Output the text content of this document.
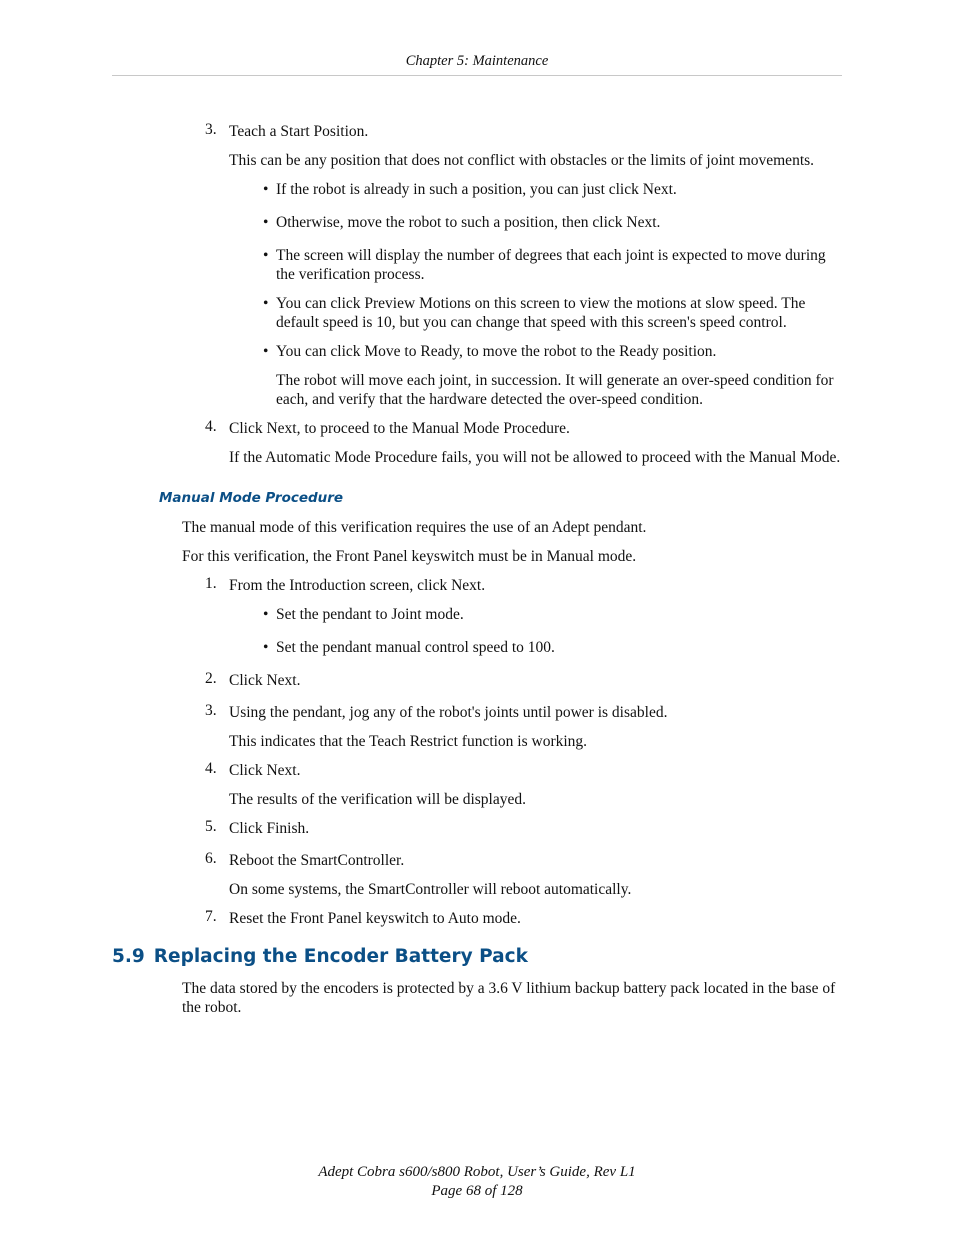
Chapter 5: Maintenance
3. Teach a Start Position.
This can be any position that does not conflict with obstacles or the limits of joint movements.
• If the robot is already in such a position, you can just click Next.
• Otherwise, move the robot to such a position, then click Next.
• The screen will display the number of degrees that each joint is expected to move during the verification process.
• You can click Preview Motions on this screen to view the motions at slow speed. The default speed is 10, but you can change that speed with this screen's speed control.
• You can click Move to Ready, to move the robot to the Ready position.
The robot will move each joint, in succession. It will generate an over-speed condition for each, and verify that the hardware detected the over-speed condition.
4. Click Next, to proceed to the Manual Mode Procedure.
If the Automatic Mode Procedure fails, you will not be allowed to proceed with the Manual Mode.
Manual Mode Procedure
The manual mode of this verification requires the use of an Adept pendant.
For this verification, the Front Panel keyswitch must be in Manual mode.
1. From the Introduction screen, click Next.
• Set the pendant to Joint mode.
• Set the pendant manual control speed to 100.
2. Click Next.
3. Using the pendant, jog any of the robot's joints until power is disabled.
This indicates that the Teach Restrict function is working.
4. Click Next.
The results of the verification will be displayed.
5. Click Finish.
6. Reboot the SmartController.
On some systems, the SmartController will reboot automatically.
7. Reset the Front Panel keyswitch to Auto mode.
5.9 Replacing the Encoder Battery Pack
The data stored by the encoders is protected by a 3.6 V lithium backup battery pack located in the base of the robot.
Adept Cobra s600/s800 Robot, User’s Guide, Rev L1
Page 68 of 128
